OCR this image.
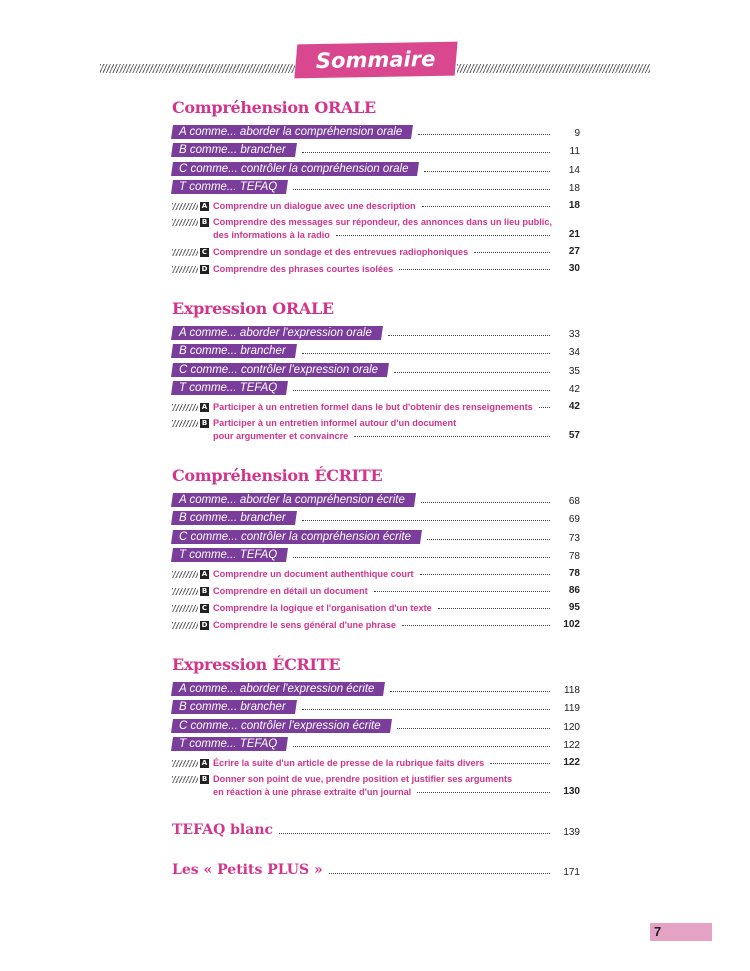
Sommaire
Compréhension ORALE
A comme... aborder la compréhension orale	9
B comme... brancher	11
C comme... contrôler la compréhension orale	14
T comme... TEFAQ	18
A Comprendre un dialogue avec une description	18
B Comprendre des messages sur répondeur, des annonces dans un lieu public,
des informations à la radio	21
C Comprendre un sondage et des entrevues radiophoniques	27
D Comprendre des phrases courtes isolées	30
Expression ORALE
A comme... aborder l'expression orale	33
B comme... brancher	34
C comme... contrôler l'expression orale	35
T comme... TEFAQ	42
A Participer à un entretien formel dans le but d'obtenir des renseignements	42
B Participer à un entretien informel autour d'un document
pour argumenter et convaincre	57
Compréhension ÉCRITE
A comme... aborder la compréhension écrite	68
B comme... brancher	69
C comme... contrôler la compréhension écrite	73
T comme... TEFAQ	78
A Comprendre un document authenthique court	78
B Comprendre en détail un document	86
C Comprendre la logique et l'organisation d'un texte	95
D Comprendre le sens général d'une phrase	102
Expression ÉCRITE
A comme... aborder l'expression écrite	118
B comme... brancher	119
C comme... contrôler l'expression écrite	120
T comme... TEFAQ	122
A Écrire la suite d'un article de presse de la rubrique faits divers	122
B Donner son point de vue, prendre position et justifier ses arguments
en réaction à une phrase extraite d'un journal	130
TEFAQ blanc	139
Les « Petits PLUS »	171
7
